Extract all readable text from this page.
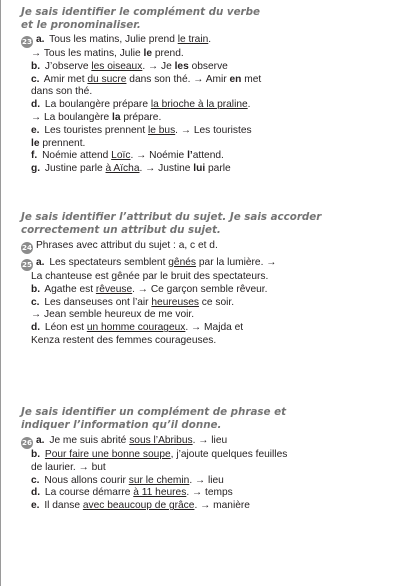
Je sais identifier le complément du verbe
et le pronominaliser.
23 a. Tous les matins, Julie prend le train.
→ Tous les matins, Julie le prend.
b. J’observe les oiseaux. → Je les observe
c. Amir met du sucre dans son thé. → Amir en met
dans son thé.
d. La boulangère prépare la brioche à la praline.
→ La boulangère la prépare.
e. Les touristes prennent le bus. → Les touristes
le prennent.
f. Noémie attend Loïc. → Noémie l’attend.
g. Justine parle à Aïcha. → Justine lui parle
Je sais identifier l’attribut du sujet. Je sais accorder
correctement un attribut du sujet.
24 Phrases avec attribut du sujet : a, c et d.
25 a. Les spectateurs semblent gênés par la lumière. →
La chanteuse est gênée par le bruit des spectateurs.
b. Agathe est rêveuse. → Ce garçon semble rêveur.
c. Les danseuses ont l’air heureuses ce soir.
→ Jean semble heureux de me voir.
d. Léon est un homme courageux. → Majda et
Kenza restent des femmes courageuses.
Je sais identifier un complément de phrase et
indiquer l’information qu’il donne.
26 a. Je me suis abrité sous l’Abribus. → lieu
b. Pour faire une bonne soupe, j’ajoute quelques feuilles
de laurier. → but
c. Nous allons courir sur le chemin. → lieu
d. La course démarre à 11 heures. → temps
e. Il danse avec beaucoup de grâce. → manière
